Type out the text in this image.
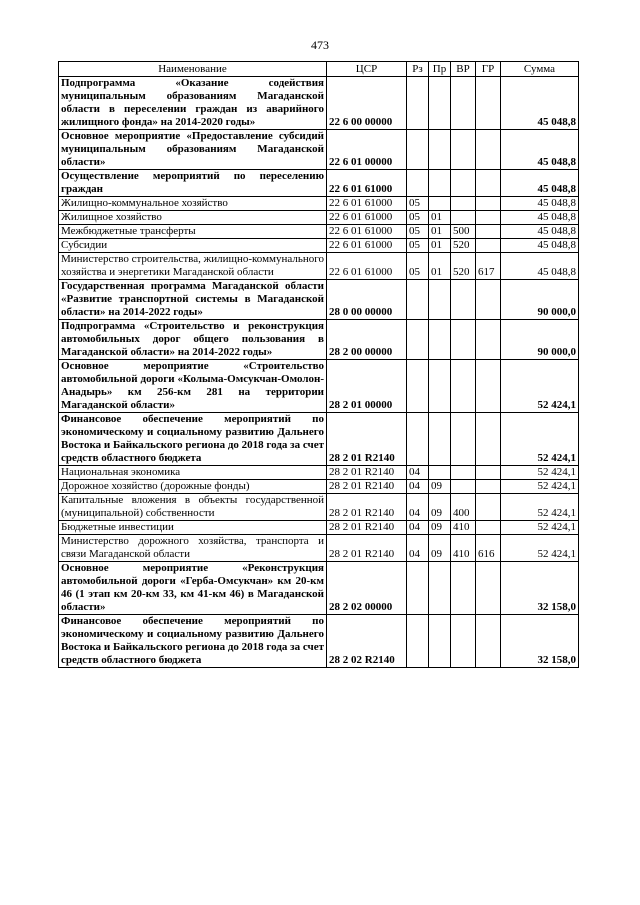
473
Наименование	ЦСР	Рз	Пр	ВР	ГР	Сумма
Подпрограмма «Оказание содействия муниципальным образованиям Магаданской области в переселении граждан из аварийного жилищного фонда» на 2014-2020 годы»	22 6 00 00000					45 048,8
Основное мероприятие «Предоставление субсидий муниципальным образованиям Магаданской области»	22 6 01 00000					45 048,8
Осуществление мероприятий по переселению граждан	22 6 01 61000					45 048,8
Жилищно-коммунальное хозяйство	22 6 01 61000	05				45 048,8
Жилищное хозяйство	22 6 01 61000	05	01			45 048,8
Межбюджетные трансферты	22 6 01 61000	05	01	500		45 048,8
Субсидии	22 6 01 61000	05	01	520		45 048,8
Министерство строительства, жилищно-коммунального хозяйства и энергетики Магаданской области	22 6 01 61000	05	01	520	617	45 048,8
Государственная программа Магаданской области «Развитие транспортной системы в Магаданской области» на 2014-2022 годы»	28 0 00 00000					90 000,0
Подпрограмма «Строительство и реконструкция автомобильных дорог общего пользования в Магаданской области» на 2014-2022 годы»	28 2 00 00000					90 000,0
Основное мероприятие «Строительство автомобильной дороги «Колыма-Омсукчан-Омолон-Анадырь» км 256-км 281 на территории Магаданской области»	28 2 01 00000					52 424,1
Финансовое обеспечение мероприятий по экономическому и социальному развитию Дальнего Востока и Байкальского региона до 2018 года за счет средств областного бюджета	28 2 01 R2140					52 424,1
Национальная экономика	28 2 01 R2140	04				52 424,1
Дорожное хозяйство (дорожные фонды)	28 2 01 R2140	04	09			52 424,1
Капитальные вложения в объекты государственной (муниципальной) собственности	28 2 01 R2140	04	09	400		52 424,1
Бюджетные инвестиции	28 2 01 R2140	04	09	410		52 424,1
Министерство дорожного хозяйства, транспорта и связи Магаданской области	28 2 01 R2140	04	09	410	616	52 424,1
Основное мероприятие «Реконструкция автомобильной дороги «Герба-Омсукчан» км 20-км 46 (1 этап км 20-км 33, км 41-км 46) в Магаданской области»	28 2 02 00000					32 158,0
Финансовое обеспечение мероприятий по экономическому и социальному развитию Дальнего Востока и Байкальского региона до 2018 года за счет средств областного бюджета	28 2 02 R2140					32 158,0
